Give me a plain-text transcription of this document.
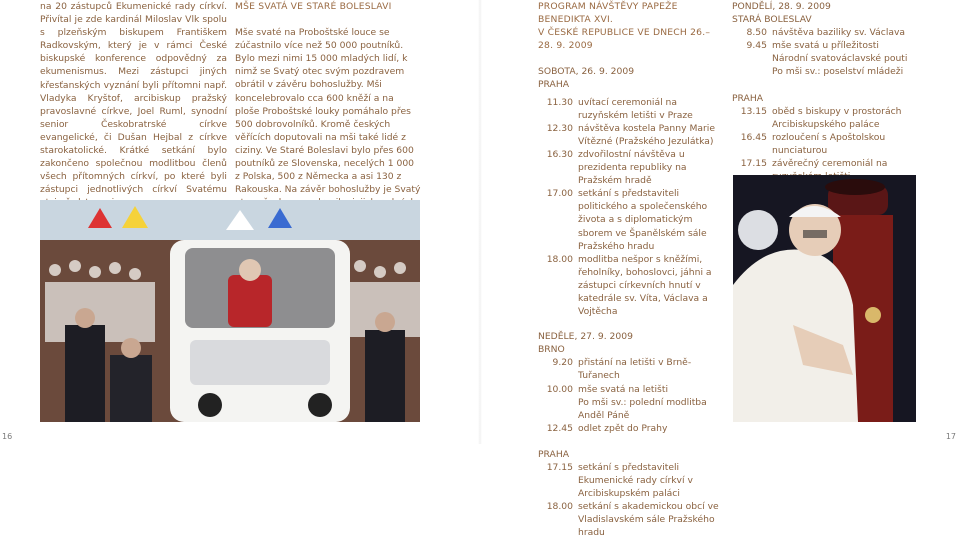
na 20 zástupců Ekumenické rady církví. Přivítal je zde kardinál Miloslav Vlk spolu s plzeňským biskupem Františkem Radkovským, který je v rámci České biskupské konference odpovědný za ekumenismus. Mezi zástupci jiných křesťanských vyznání byli přítomni např. Vladyka Kryštof, arcibiskup pražský pravoslavné církve, Joel Ruml, synodní senior Českobratrské církve evangelické, či Dušan Hejbal z církve starokatolické. Krátké setkání bylo zakončeno společnou modlitbou členů všech přítomných církví, po které byli zástupci jednotlivých církví Svatému

MŠE SVATÁ VE STARÉ BOLESLAVI

Mše svaté na Proboštské louce se zúčastnilo více než 50 000 poutníků. Bylo mezi nimi 15 000 mladých lidí, k nimž se Svatý otec svým pozdravem obrátil v závěru bohoslužby. Mši koncelebrovalo cca 600 kněží a na ploše Proboštské louky pomáhalo přes 500 dobrovolníků. Kromě českých věřících doputovali na mši také lidé z ciziny. Ve Staré Boleslavi bylo přes 600 poutníků ze Slovenska, necelých 1 000 z Polska, 500 z Německa a asi 130 z Rakouska. Na závěr bohoslužby je Svatý

PROGRAM NÁVŠTĚVY PAPEŽE BENEDIKTA XVI.

V ČESKÉ REPUBLICE VE DNECH 26.–28. 9. 2009

SOBOTA, 26. 9. 2009

PRAHA

11.30 uvítací ceremoniál na ruzyňském letišti v Praze
12.30 návštěva kostela Panny Marie Vítězné (Pražského Jezulátka)
16.30 zdvořilostní návštěva u prezidenta republiky na Pražském hradě
17.00 setkání s představiteli politického a společenského života a s diplomatickým sborem ve Španělském sále Pražského hradu
18.00 modlitba nešpor s kněžími, řeholníky, bohoslovci, jáhni a zástupci církevních hnutí v katedrále sv. Víta, Václava a Vojtěcha

NEDĚLE, 27. 9. 2009

BRNO

9.20 přistání na letišti v Brně-Tuřanech
10.00 mše svatá na letišti
Po mši sv.: polední modlitba Anděl Páně
12.45 odlet zpět do Prahy

PRAHA

17.15 setkání s představiteli Ekumenické rady církví v Arcibiskupském paláci
18.00 setkání s akademickou obcí ve Vladislavském sále Pražského hradu

PONDĚLÍ, 28. 9. 2009

STARÁ BOLESLAV

8.50 návštěva baziliky sv. Václava
9.45 mše svatá u příležitosti Národní svatováclavské pouti
Po mši sv.: poselství mládeži

PRAHA

13.15 oběd s biskupy v prostorách Arcibiskupského paláce
16.45 rozloučení s Apoštolskou nunciaturou
17.15 závěrečný ceremoniál na
16	17
